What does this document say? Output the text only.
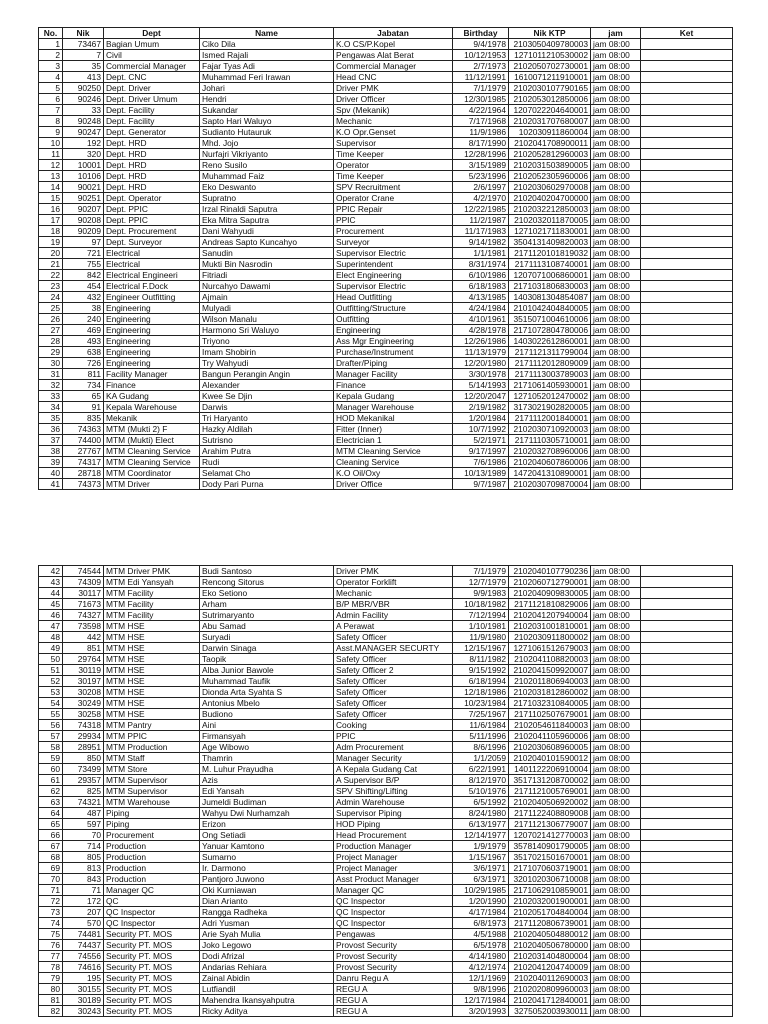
No.	Nik	Dept	Name	Jabatan	Birthday	Nik KTP	jam	Ket
1	73467	Bagian Umum	Ciko Dila	K.O CS/P.Kopel	9/4/1978	2103050409780003	jam 08:00	
2	7	Civil	Ismed Rajali	Pengawas Alat Berat	10/12/1953	1271011210530002	jam 08:00	
3	35	Commercial Manager	Fajar Tyas Adi	Commercial Manager	2/7/1973	2102050702730001	jam 08:00	
4	413	Dept. CNC	Muhammad Feri Irawan	Head CNC	11/12/1991	1610071211910001	jam 08:00	
5	90250	Dept. Driver	Johari	Driver PMK	7/1/1979	2102030107790165	jam 08:00	
6	90246	Dept. Driver Umum	Hendri	Driver Officer	12/30/1985	2102053012850006	jam 08:00	
7	33	Dept. Facility	Sukandar	Spv (Mekanik)	4/22/1964	1207022204640001	jam 08:00	
8	90248	Dept. Facility	Sapto Hari Waluyo	Mechanic	7/17/1968	2102031707680007	jam 08:00	
9	90247	Dept. Generator	Sudianto Hutauruk	K.O Opr.Genset	11/9/1986	102030911860004	jam 08:00	
10	192	Dept. HRD	Mhd. Jojo	Supervisor	8/17/1990	2102041708900011	jam 08:00	
11	320	Dept. HRD	Nurfajri Vikriyanto	Time Keeper	12/28/1996	2102052812960003	jam 08:00	
12	10001	Dept. HRD	Reno Susilo	Operator	3/15/1989	2102031503890005	jam 08:00	
13	10106	Dept. HRD	Muhammad Faiz	Time Keeper	5/23/1996	2102052305960006	jam 08:00	
14	90021	Dept. HRD	Eko Deswanto	SPV Recruitment	2/6/1997	2102030602970008	jam 08:00	
15	90251	Dept. Operator	Supratno	Operator Crane	4/2/1970	2102040204700000	jam 08:00	
16	90207	Dept. PPIC	Irzal Rinaldi Saputra	PPIC Repair	12/22/1985	2102032212850003	jam 08:00	
17	90208	Dept. PPIC	Eka Mitra Saputra	PPIC	11/2/1987	2102032011870005	jam 08:00	
18	90209	Dept. Procurement	Dani Wahyudi	Procurement	11/17/1983	1271021711830001	jam 08:00	
19	97	Dept. Surveyor	Andreas Sapto Kuncahyo	Surveyor	9/14/1982	3504131409820003	jam 08:00	
20	721	Electrical	Sanudin	Supervisor Electric	1/1/1981	2171120101819032	jam 08:00	
21	755	Electrical	Mukti Bin Nasrodin	Superintendent	8/31/1974	2171113108740001	jam 08:00	
22	842	Electrical Engineeri	Fitriadi	Elect Engineering	6/10/1986	1207071006860001	jam 08:00	
23	454	Electrical F.Dock	Nurcahyo Dawami	Supervisor Electric	6/18/1983	2171031806830003	jam 08:00	
24	432	Engineer Outfitting	Ajmain	Head Outfitting	4/13/1985	1403081304854087	jam 08:00	
25	38	Engineering	Mulyadi	Outfitting/Structure	4/24/1984	2101042404840005	jam 08:00	
26	240	Engineering	Wilson Manalu	Outfitting	4/10/1961	3515071004610006	jam 08:00	
27	469	Engineering	Harmono Sri Waluyo	Engineering	4/28/1978	2171072804780006	jam 08:00	
28	493	Engineering	Triyono	Ass Mgr Engineering	12/26/1986	1403022612860001	jam 08:00	
29	638	Engineering	Imam Shobirin	Purchase/Instrument	11/13/1979	2171121311799004	jam 08:00	
30	726	Engineering	Try Wahyudi	Drafter/Piping	12/20/1980	2171112012809009	jam 08:00	
31	811	Facility Manager	Bangun Perangin Angin	Manager Facility	3/30/1978	2171113003789003	jam 08:00	
32	734	Finance	Alexander	Finance	5/14/1993	2171061405930001	jam 08:00	
33	65	KA Gudang	Kwee Se Djin	Kepala Gudang	12/20/2047	1271052012470002	jam 08:00	
34	91	Kepala Warehouse	Darwis	Manager Warehouse	2/19/1982	3173021902820005	jam 08:00	
35	835	Mekanik	Tri Haryanto	HOD Mekanikal	1/20/1984	2171112001840001	jam 08:00	
36	74363	MTM (Mukti 2) F	Hazky Aldilah	Fitter (Inner)	10/7/1992	2102030710920003	jam 08:00	
37	74400	MTM (Mukti) Elect	Sutrisno	Electrician 1	5/2/1971	2171110305710001	jam 08:00	
38	27767	MTM Cleaning Service	Arahim Putra	MTM Cleaning Service	9/17/1997	2102032708960006	jam 08:00	
39	74317	MTM Cleaning Service	Rudi	Cleaning Service	7/6/1986	2102040607860006	jam 08:00	
40	28718	MTM Coordinator	Selamat Cho	K.O Oil/Oxy	10/13/1989	1472041310890001	jam 08:00	
41	74373	MTM Driver	Dody Pari Purna	Driver Office	9/7/1987	2102030709870004	jam 08:00	
42	74544	MTM Driver PMK	Budi Santoso	Driver PMK	7/1/1979	2102040107790236	jam 08:00	
43	74309	MTM Edi Yansyah	Rencong Sitorus	Operator Forklift	12/7/1979	2102060712790001	jam 08:00	
44	30117	MTM Facility	Eko Setiono	Mechanic	9/9/1983	2102040909830005	jam 08:00	
45	71673	MTM Facility	Arham	B/P MBR/VBR	10/18/1982	2171121810829006	jam 08:00	
46	74327	MTM Facility	Sutrimaryanto	Admin Facility	7/12/1994	2102041207940004	jam 08:00	
47	73598	MTM HSE	Abu Samad	A Perawat	1/10/1981	2102031001810001	jam 08:00	
48	442	MTM HSE	Suryadi	Safety Officer	11/9/1980	2102030911800002	jam 08:00	
49	851	MTM HSE	Darwin Sinaga	Asst.MANAGER SECURTY	12/15/1967	1271061512679003	jam 08:00	
50	29764	MTM HSE	Taopik	Safety Officer	8/11/1982	2102041108820003	jam 08:00	
51	30119	MTM HSE	Alba Junior Bawole	Safety Officer 2	9/15/1992	2102041509920007	jam 08:00	
52	30197	MTM HSE	Muhammad Taufik	Safety Officer	6/18/1994	2102011806940003	jam 08:00	
53	30208	MTM HSE	Dionda Arta Syahta S	Safety Officer	12/18/1986	2102031812860002	jam 08:00	
54	30249	MTM HSE	Antonius Mbelo	Safety Officer	10/23/1984	2171032310840005	jam 08:00	
55	30258	MTM HSE	Budiono	Safety Officer	7/25/1967	2171102507679001	jam 08:00	
56	74318	MTM Pantry	Aini	Cooking	11/6/1984	2102054611840003	jam 08:00	
57	29934	MTM PPIC	Firmansyah	PPIC	5/11/1996	2102041105960006	jam 08:00	
58	28951	MTM Production	Age Wibowo	Adm Procurement	8/6/1996	2102030608960005	jam 08:00	
59	850	MTM Staff	Thamrin	Manager Security	1/1/2059	2102040101590012	jam 08:00	
60	73499	MTM Store	M. Luhur Prayudha	A Kepala Gudang Cat	6/22/1991	1401122206910004	jam 08:00	
61	29357	MTM Supervisor	Azis	A Supervisor B/P	8/12/1970	3517131208700002	jam 08:00	
62	825	MTM Supervisor	Edi Yansah	SPV Shifting/Lifting	5/10/1976	2171121005769001	jam 08:00	
63	74321	MTM Warehouse	Jumeldi Budiman	Admin Warehouse	6/5/1992	2102040506920002	jam 08:00	
64	487	Piping	Wahyu Dwi Nurhamzah	Supervisor Piping	8/24/1980	2171122408809008	jam 08:00	
65	597	Piping	Erizon	HOD Piping	6/13/1977	2171121306779007	jam 08:00	
66	70	Procurement	Ong Setiadi	Head Procurement	12/14/1977	1207021412770003	jam 08:00	
67	714	Production	Yanuar Kamtono	Production Manager	1/9/1979	3578140901790005	jam 08:00	
68	805	Production	Sumarno	Project Manager	1/15/1967	3517021501670001	jam 08:00	
69	813	Production	Ir. Darmono	Project Manager	3/6/1971	2171070603719001	jam 08:00	
70	843	Production	Pantjoro Juwono	Asst Product Manager	6/3/1971	3201020306710008	jam 08:00	
71	71	Manager QC	Oki Kurniawan	Manager QC	10/29/1985	2171062910859001	jam 08:00	
72	172	QC	Dian Arianto	QC Inspector	1/20/1990	2102032001900001	jam 08:00	
73	207	QC Inspector	Rangga Radheka	QC Inspector	4/17/1984	2102051704840004	jam 08:00	
74	570	QC Inspector	Adri Yusman	QC Inspector	6/8/1973	2171120806739001	jam 08:00	
75	74481	Security PT. MOS	Arie Syah Mulia	Pengawas	4/5/1988	2102040504880012	jam 08:00	
76	74437	Security PT. MOS	Joko Legowo	Provost Security	6/5/1978	2102040506780000	jam 08:00	
77	74556	Security PT. MOS	Dodi Afrizal	Provost Security	4/14/1980	2102031404800004	jam 08:00	
78	74616	Security PT. MOS	Andarias Rehiara	Provost Security	4/12/1974	2102041204740009	jam 08:00	
79	195	Security PT. MOS	Zainal Abidin	Danru Regu A	12/1/1969	2102040112690003	jam 08:00	
80	30155	Security PT. MOS	Lutfiandil	REGU A	9/8/1996	2102020809960003	jam 08:00	
81	30189	Security PT. MOS	Mahendra Ikansyahputra	REGU A	12/17/1984	2102041712840001	jam 08:00	
82	30243	Security PT. MOS	Ricky Aditya	REGU A	3/20/1993	3275052003930011	jam 08:00	
